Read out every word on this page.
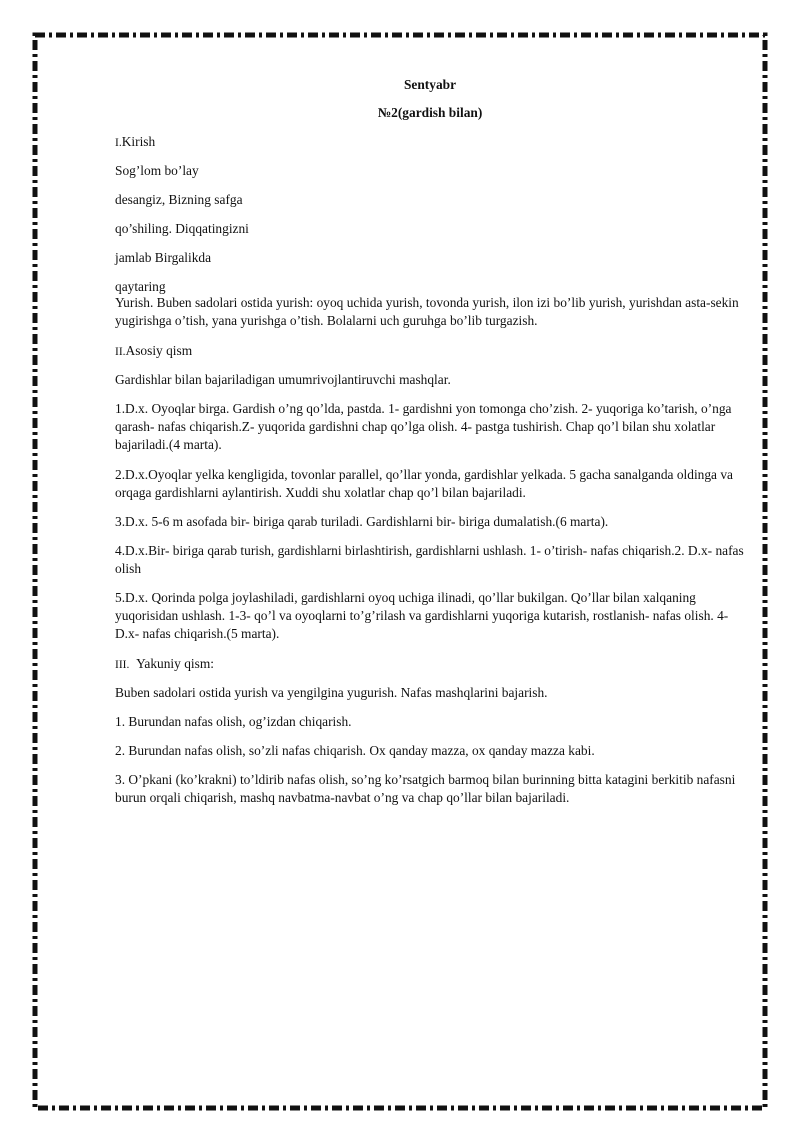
Sentyabr

№2(gardish bilan)

I.Kirish

Sog’lom bo’lay

desangiz, Bizning safga

qo’shiling. Diqqatingizni

jamlab Birgalikda

qaytaring

Yurish. Buben sadolari ostida yurish: oyoq uchida yurish, tovonda yurish, ilon izi bo’lib yurish, yurishdan asta-sekin yugirishga o’tish, yana yurishga o’tish. Bolalarni uch guruhga bo’lib turgazish.

II.Asosiy qism

Gardishlar bilan bajariladigan umumrivojlantiruvchi mashqlar.

1.D.x. Oyoqlar birga. Gardish o’ng qo’lda, pastda. 1- gardishni yon tomonga cho’zish. 2- yuqoriga ko’tarish, o’nga qarash- nafas chiqarish.Z- yuqorida gardishni chap qo’lga olish. 4- pastga tushirish. Chap qo’l bilan shu xolatlar bajariladi.(4 marta).

2.D.x.Oyoqlar yelka kengligida, tovonlar parallel, qo’llar yonda, gardishlar yelkada. 5 gacha sanalganda oldinga va orqaga gardishlarni aylantirish. Xuddi shu xolatlar chap qo’l bilan bajariladi.

3.D.x. 5-6 m asofada bir- biriga qarab turiladi. Gardishlarni bir- biriga dumalatish.(6 marta).

4.D.x.Bir- biriga qarab turish, gardishlarni birlashtirish, gardishlarni ushlash. 1- o’tirish- nafas chiqarish.2. D.x- nafas olish

5.D.x. Qorinda polga joylashiladi, gardishlarni oyoq uchiga ilinadi, qo’llar bukilgan. Qo’llar bilan xalqaning yuqorisidan ushlash. 1-3- qo’l va oyoqlarni to’g’rilash va gardishlarni yuqoriga kutarish, rostlanish- nafas olish. 4-D.x- nafas chiqarish.(5 marta).

III. Yakuniy qism:

Buben sadolari ostida yurish va yengilgina yugurish. Nafas mashqlarini bajarish.

1. Burundan nafas olish, og’izdan chiqarish.

2. Burundan nafas olish, so’zli nafas chiqarish. Ox qanday mazza, ox qanday mazza kabi.

3. O’pkani (ko’krakni) to’ldirib nafas olish, so’ng ko’rsatgich barmoq bilan burinning bitta katagini berkitib nafasni burun orqali chiqarish, mashq navbatma-navbat o’ng va chap qo’llar bilan bajariladi.
